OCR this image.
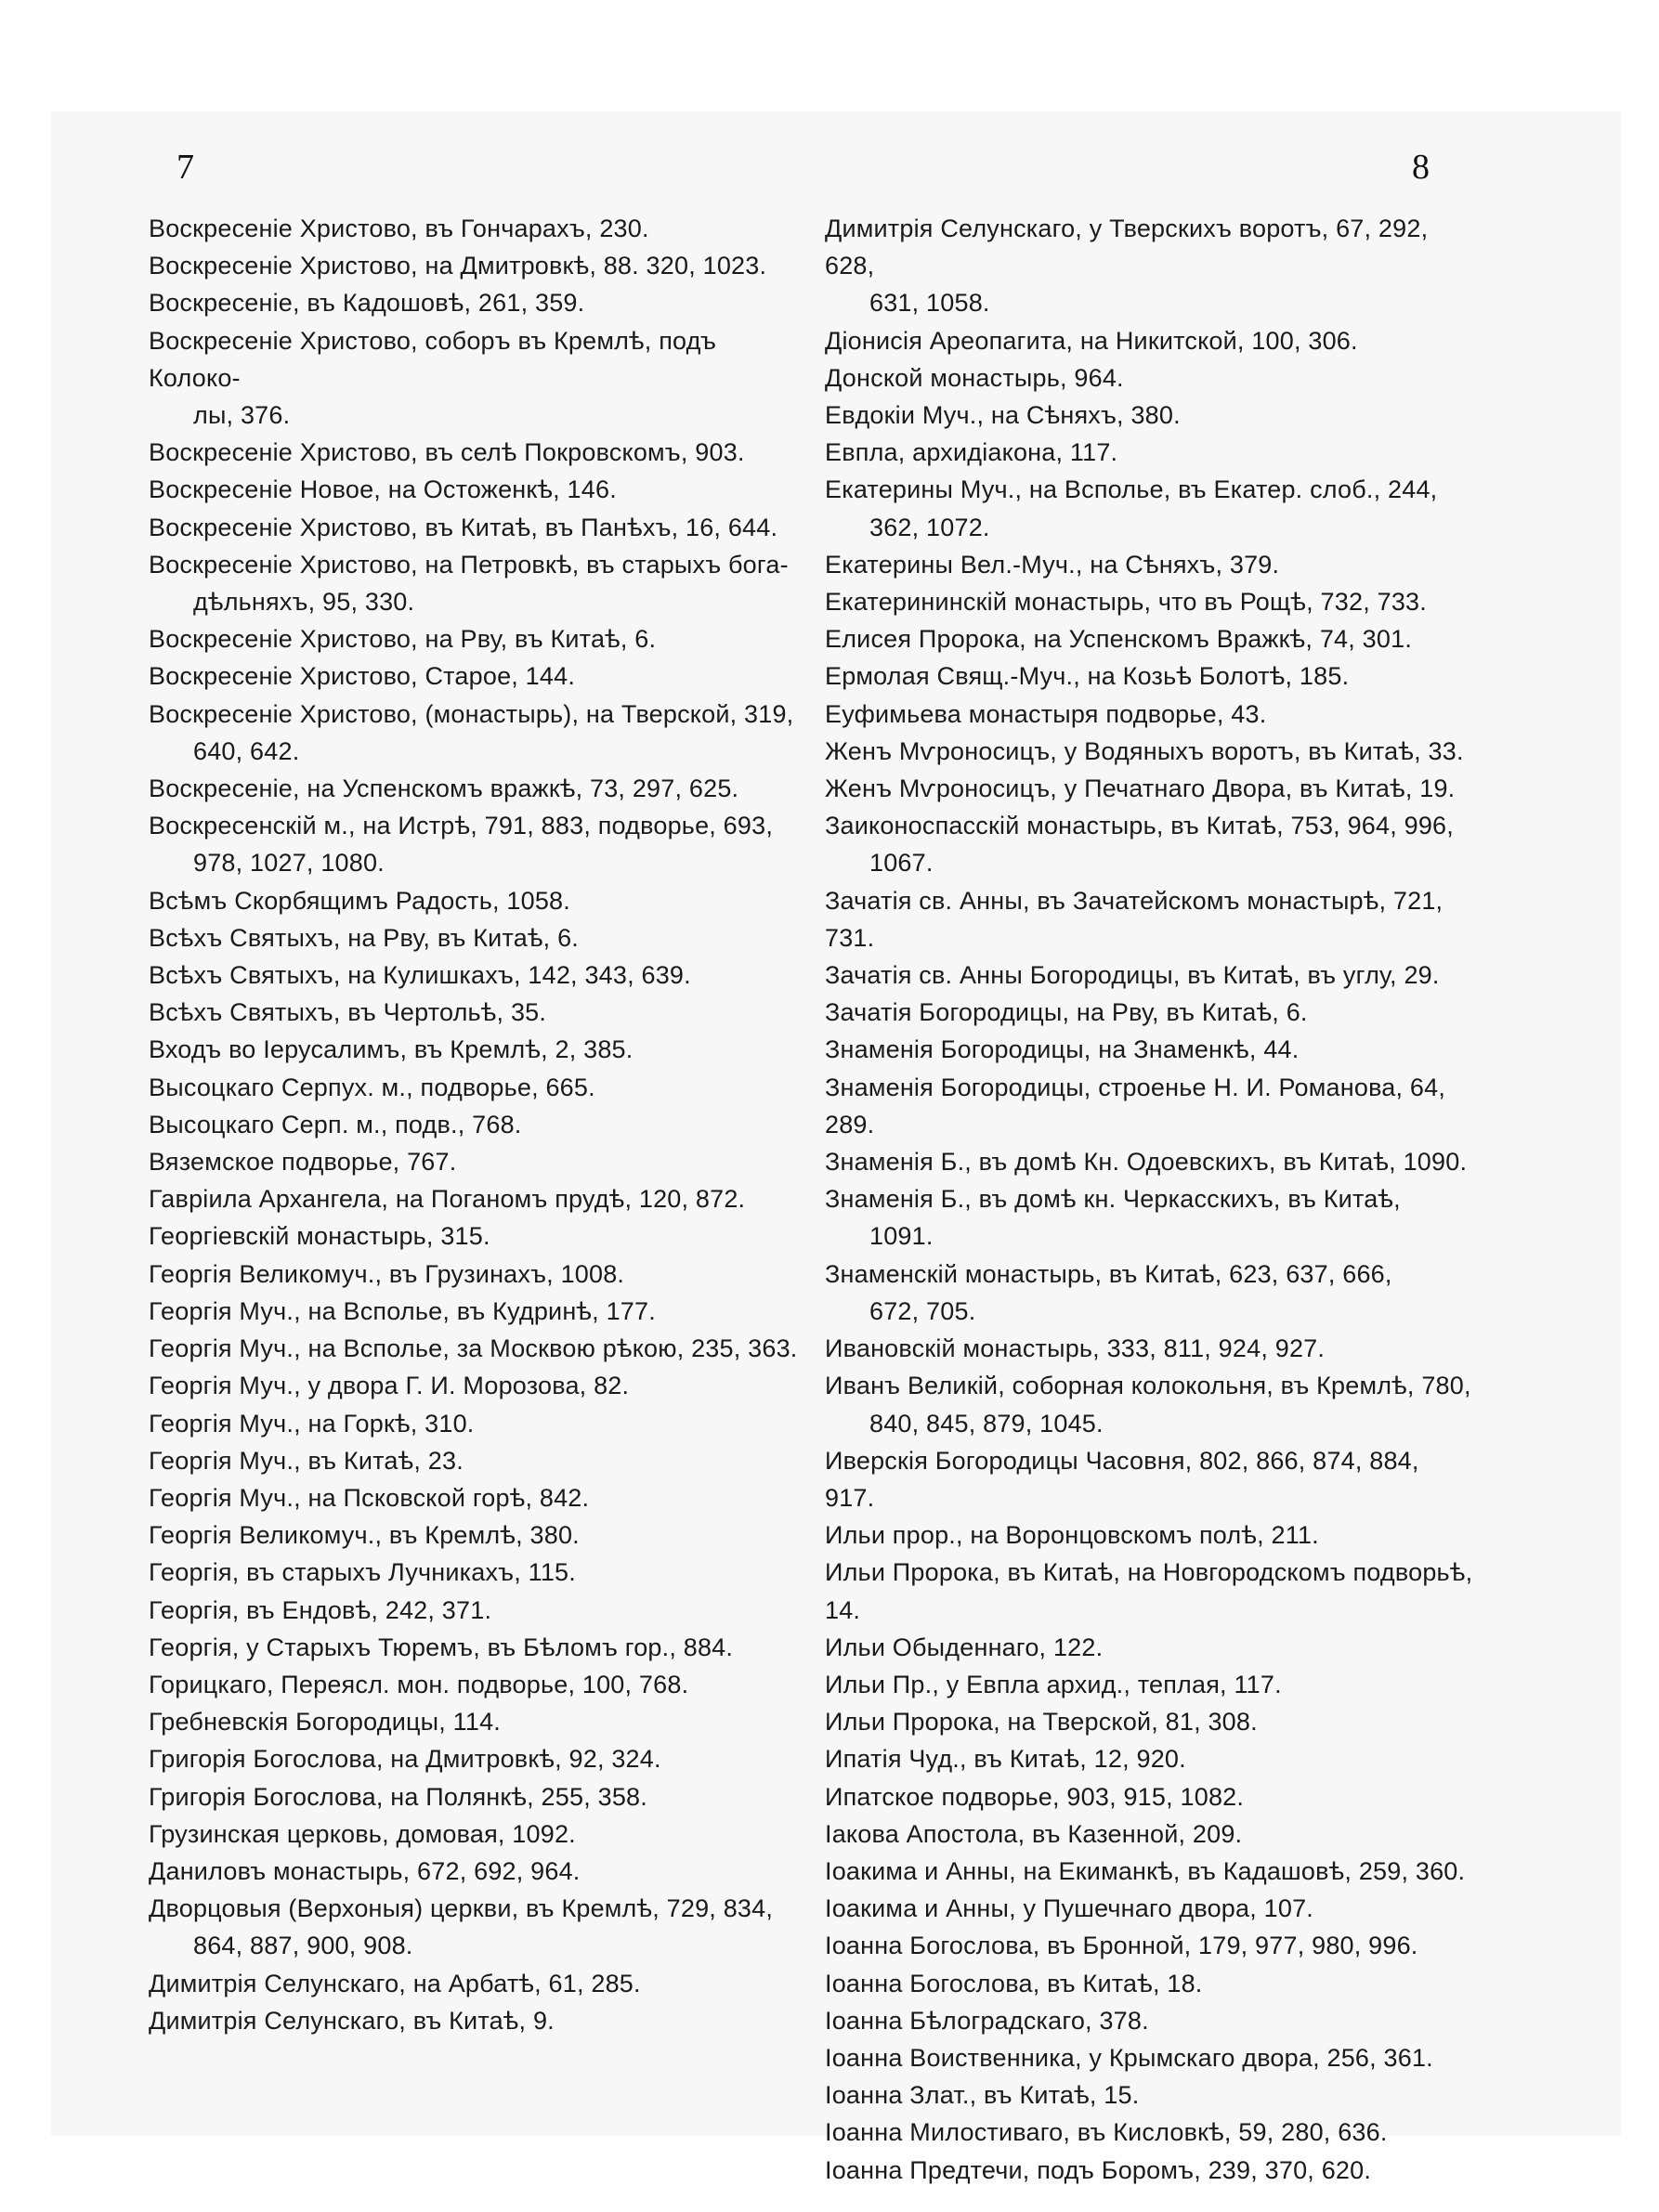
7	8
Воскресеніе Христово, въ Гончарахъ, 230.
Воскресеніе Христово, на Дмитровкѣ, 88. 320, 1023.
Воскресеніе, въ Кадошовѣ, 261, 359.
Воскресеніе Христово, соборъ въ Кремлѣ, подъ Колоко-
лы, 376.
Воскресеніе Христово, въ селѣ Покровскомъ, 903.
Воскресеніе Новое, на Остоженкѣ, 146.
Воскресеніе Христово, въ Китаѣ, въ Панѣхъ, 16, 644.
Воскресеніе Христово, на Петровкѣ, въ старыхъ бога-
дѣльняхъ, 95, 330.
Воскресеніе Христово, на Рву, въ Китаѣ, 6.
Воскресеніе Христово, Старое, 144.
Воскресеніе Христово, (монастырь), на Тверской, 319,
640, 642.
Воскресеніе, на Успенскомъ вражкѣ, 73, 297, 625.
Воскресенскій м., на Истрѣ, 791, 883, подворье, 693,
978, 1027, 1080.
Всѣмъ Скорбящимъ Радость, 1058.
Всѣхъ Святыхъ, на Рву, въ Китаѣ, 6.
Всѣхъ Святыхъ, на Кулишкахъ, 142, 343, 639.
Всѣхъ Святыхъ, въ Чертольѣ, 35.
Входъ во Іерусалимъ, въ Кремлѣ, 2, 385.
Высоцкаго Серпух. м., подворье, 665.
Высоцкаго Серп. м., подв., 768.
Вяземское подворье, 767.
Гавріила Архангела, на Поганомъ прудѣ, 120, 872.
Георгіевскій монастырь, 315.
Георгія Великомуч., въ Грузинахъ, 1008.
Георгія Муч., на Всполье, въ Кудринѣ, 177.
Георгія Муч., на Всполье, за Москвою рѣкою, 235, 363.
Георгія Муч., у двора Г. И. Морозова, 82.
Георгія Муч., на Горкѣ, 310.
Георгія Муч., въ Китаѣ, 23.
Георгія Муч., на Псковской горѣ, 842.
Георгія Великомуч., въ Кремлѣ, 380.
Георгія, въ старыхъ Лучникахъ, 115.
Георгія, въ Ендовѣ, 242, 371.
Георгія, у Старыхъ Тюремъ, въ Бѣломъ гор., 884.
Горицкаго, Переясл. мон. подворье, 100, 768.
Гребневскія Богородицы, 114.
Григорія Богослова, на Дмитровкѣ, 92, 324.
Григорія Богослова, на Полянкѣ, 255, 358.
Грузинская церковь, домовая, 1092.
Даниловъ монастырь, 672, 692, 964.
Дворцовыя (Верхоныя) церкви, въ Кремлѣ, 729, 834,
864, 887, 900, 908.
Димитрія Селунскаго, на Арбатѣ, 61, 285.
Димитрія Селунскаго, въ Китаѣ, 9.
Димитрія Селунскаго, у Тверскихъ воротъ, 67, 292, 628,
631, 1058.
Діонисія Ареопагита, на Никитской, 100, 306.
Донской монастырь, 964.
Евдокіи Муч., на Сѣняхъ, 380.
Евпла, архидіакона, 117.
Екатерины Муч., на Всполье, въ Екатер. слоб., 244,
362, 1072.
Екатерины Вел.-Муч., на Сѣняхъ, 379.
Екатерининскій монастырь, что въ Рощѣ, 732, 733.
Елисея Пророка, на Успенскомъ Вражкѣ, 74, 301.
Ермолая Свящ.-Муч., на Козьѣ Болотѣ, 185.
Еуфимьева монастыря подворье, 43.
Женъ Мѵроносицъ, у Водяныхъ воротъ, въ Китаѣ, 33.
Женъ Мѵроносицъ, у Печатнаго Двора, въ Китаѣ, 19.
Заиконоспасскій монастырь, въ Китаѣ, 753, 964, 996,
1067.
Зачатія св. Анны, въ Зачатейскомъ монастырѣ, 721, 731.
Зачатія св. Анны Богородицы, въ Китаѣ, въ углу, 29.
Зачатія Богородицы, на Рву, въ Китаѣ, 6.
Знаменія Богородицы, на Знаменкѣ, 44.
Знаменія Богородицы, строенье Н. И. Романова, 64, 289.
Знаменія Б., въ домѣ Кн. Одоевскихъ, въ Китаѣ, 1090.
Знаменія Б., въ домѣ кн. Черкасскихъ, въ Китаѣ,
1091.
Знаменскій монастырь, въ Китаѣ, 623, 637, 666,
672, 705.
Ивановскій монастырь, 333, 811, 924, 927.
Иванъ Великій, соборная колокольня, въ Кремлѣ, 780,
840, 845, 879, 1045.
Иверскія Богородицы Часовня, 802, 866, 874, 884, 917.
Ильи прор., на Воронцовскомъ полѣ, 211.
Ильи Пророка, въ Китаѣ, на Новгородскомъ подворьѣ, 14.
Ильи Обыденнаго, 122.
Ильи Пр., у Евпла архид., теплая, 117.
Ильи Пророка, на Тверской, 81, 308.
Ипатія Чуд., въ Китаѣ, 12, 920.
Ипатское подворье, 903, 915, 1082.
Іакова Апостола, въ Казенной, 209.
Іоакима и Анны, на Екиманкѣ, въ Кадашовѣ, 259, 360.
Іоакима и Анны, у Пушечнаго двора, 107.
Іоанна Богослова, въ Бронной, 179, 977, 980, 996.
Іоанна Богослова, въ Китаѣ, 18.
Іоанна Бѣлоградскаго, 378.
Іоанна Воиственника, у Крымскаго двора, 256, 361.
Іоанна Злат., въ Китаѣ, 15.
Іоанна Милостиваго, въ Кисловкѣ, 59, 280, 636.
Іоанна Предтечи, подъ Боромъ, 239, 370, 620.
